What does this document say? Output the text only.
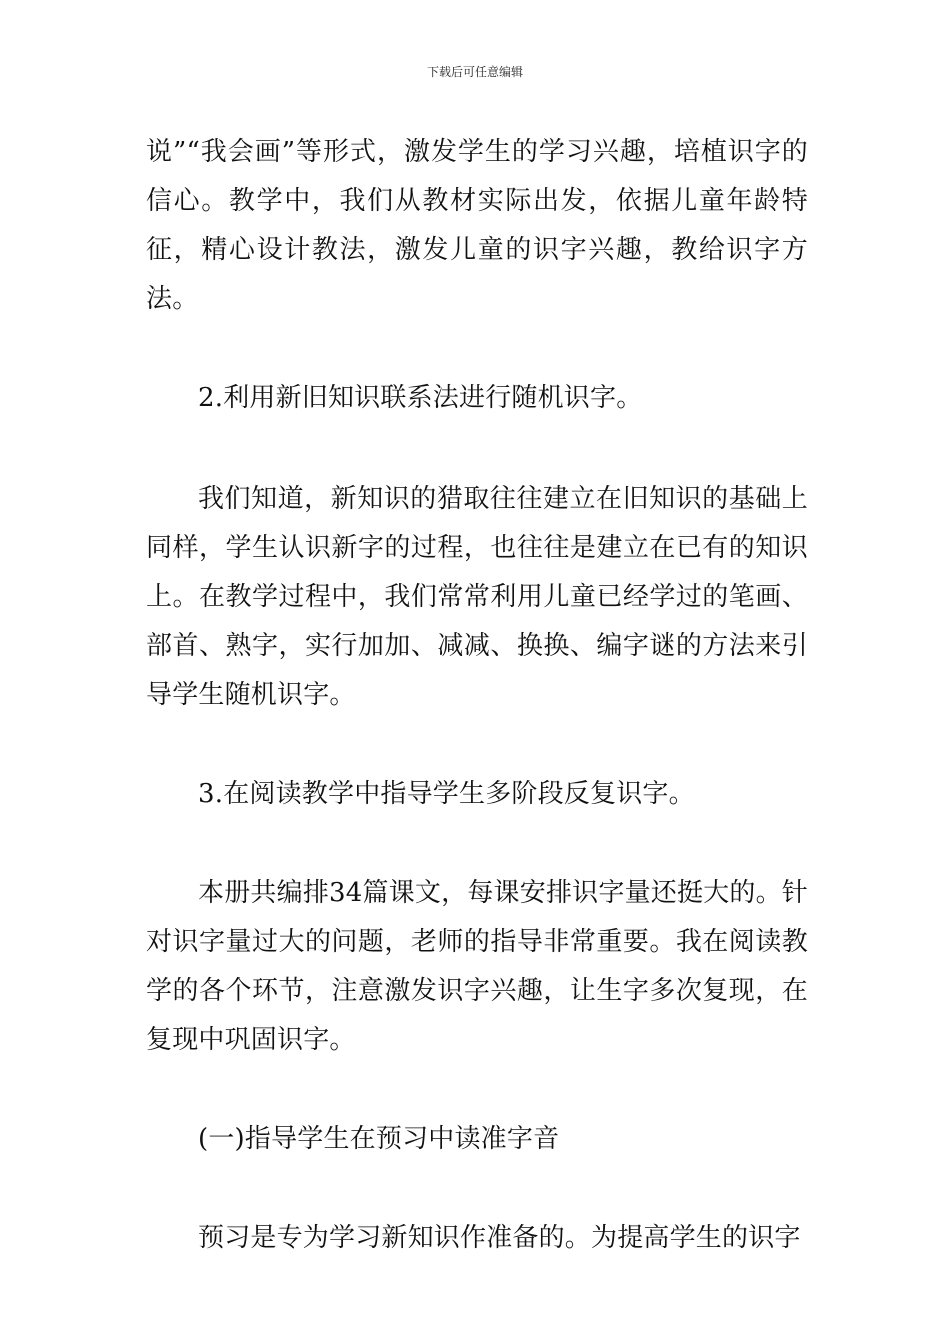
下载后可任意编辑

说”“我会画”等形式，激发学生的学习兴趣，培植识字的信心。教学中，我们从教材实际出发，依据儿童年龄特征，精心设计教法，激发儿童的识字兴趣，教给识字方法。

2.利用新旧知识联系法进行随机识字。

我们知道，新知识的猎取往往建立在旧知识的基础上同样，学生认识新字的过程，也往往是建立在已有的知识上。在教学过程中，我们常常利用儿童已经学过的笔画、部首、熟字，实行加加、减减、换换、编字谜的方法来引导学生随机识字。

3.在阅读教学中指导学生多阶段反复识字。

本册共编排34篇课文，每课安排识字量还挺大的。针对识字量过大的问题，老师的指导非常重要。我在阅读教学的各个环节，注意激发识字兴趣，让生字多次复现，在复现中巩固识字。

(一)指导学生在预习中读准字音

预习是专为学习新知识作准备的。为提高学生的识字
